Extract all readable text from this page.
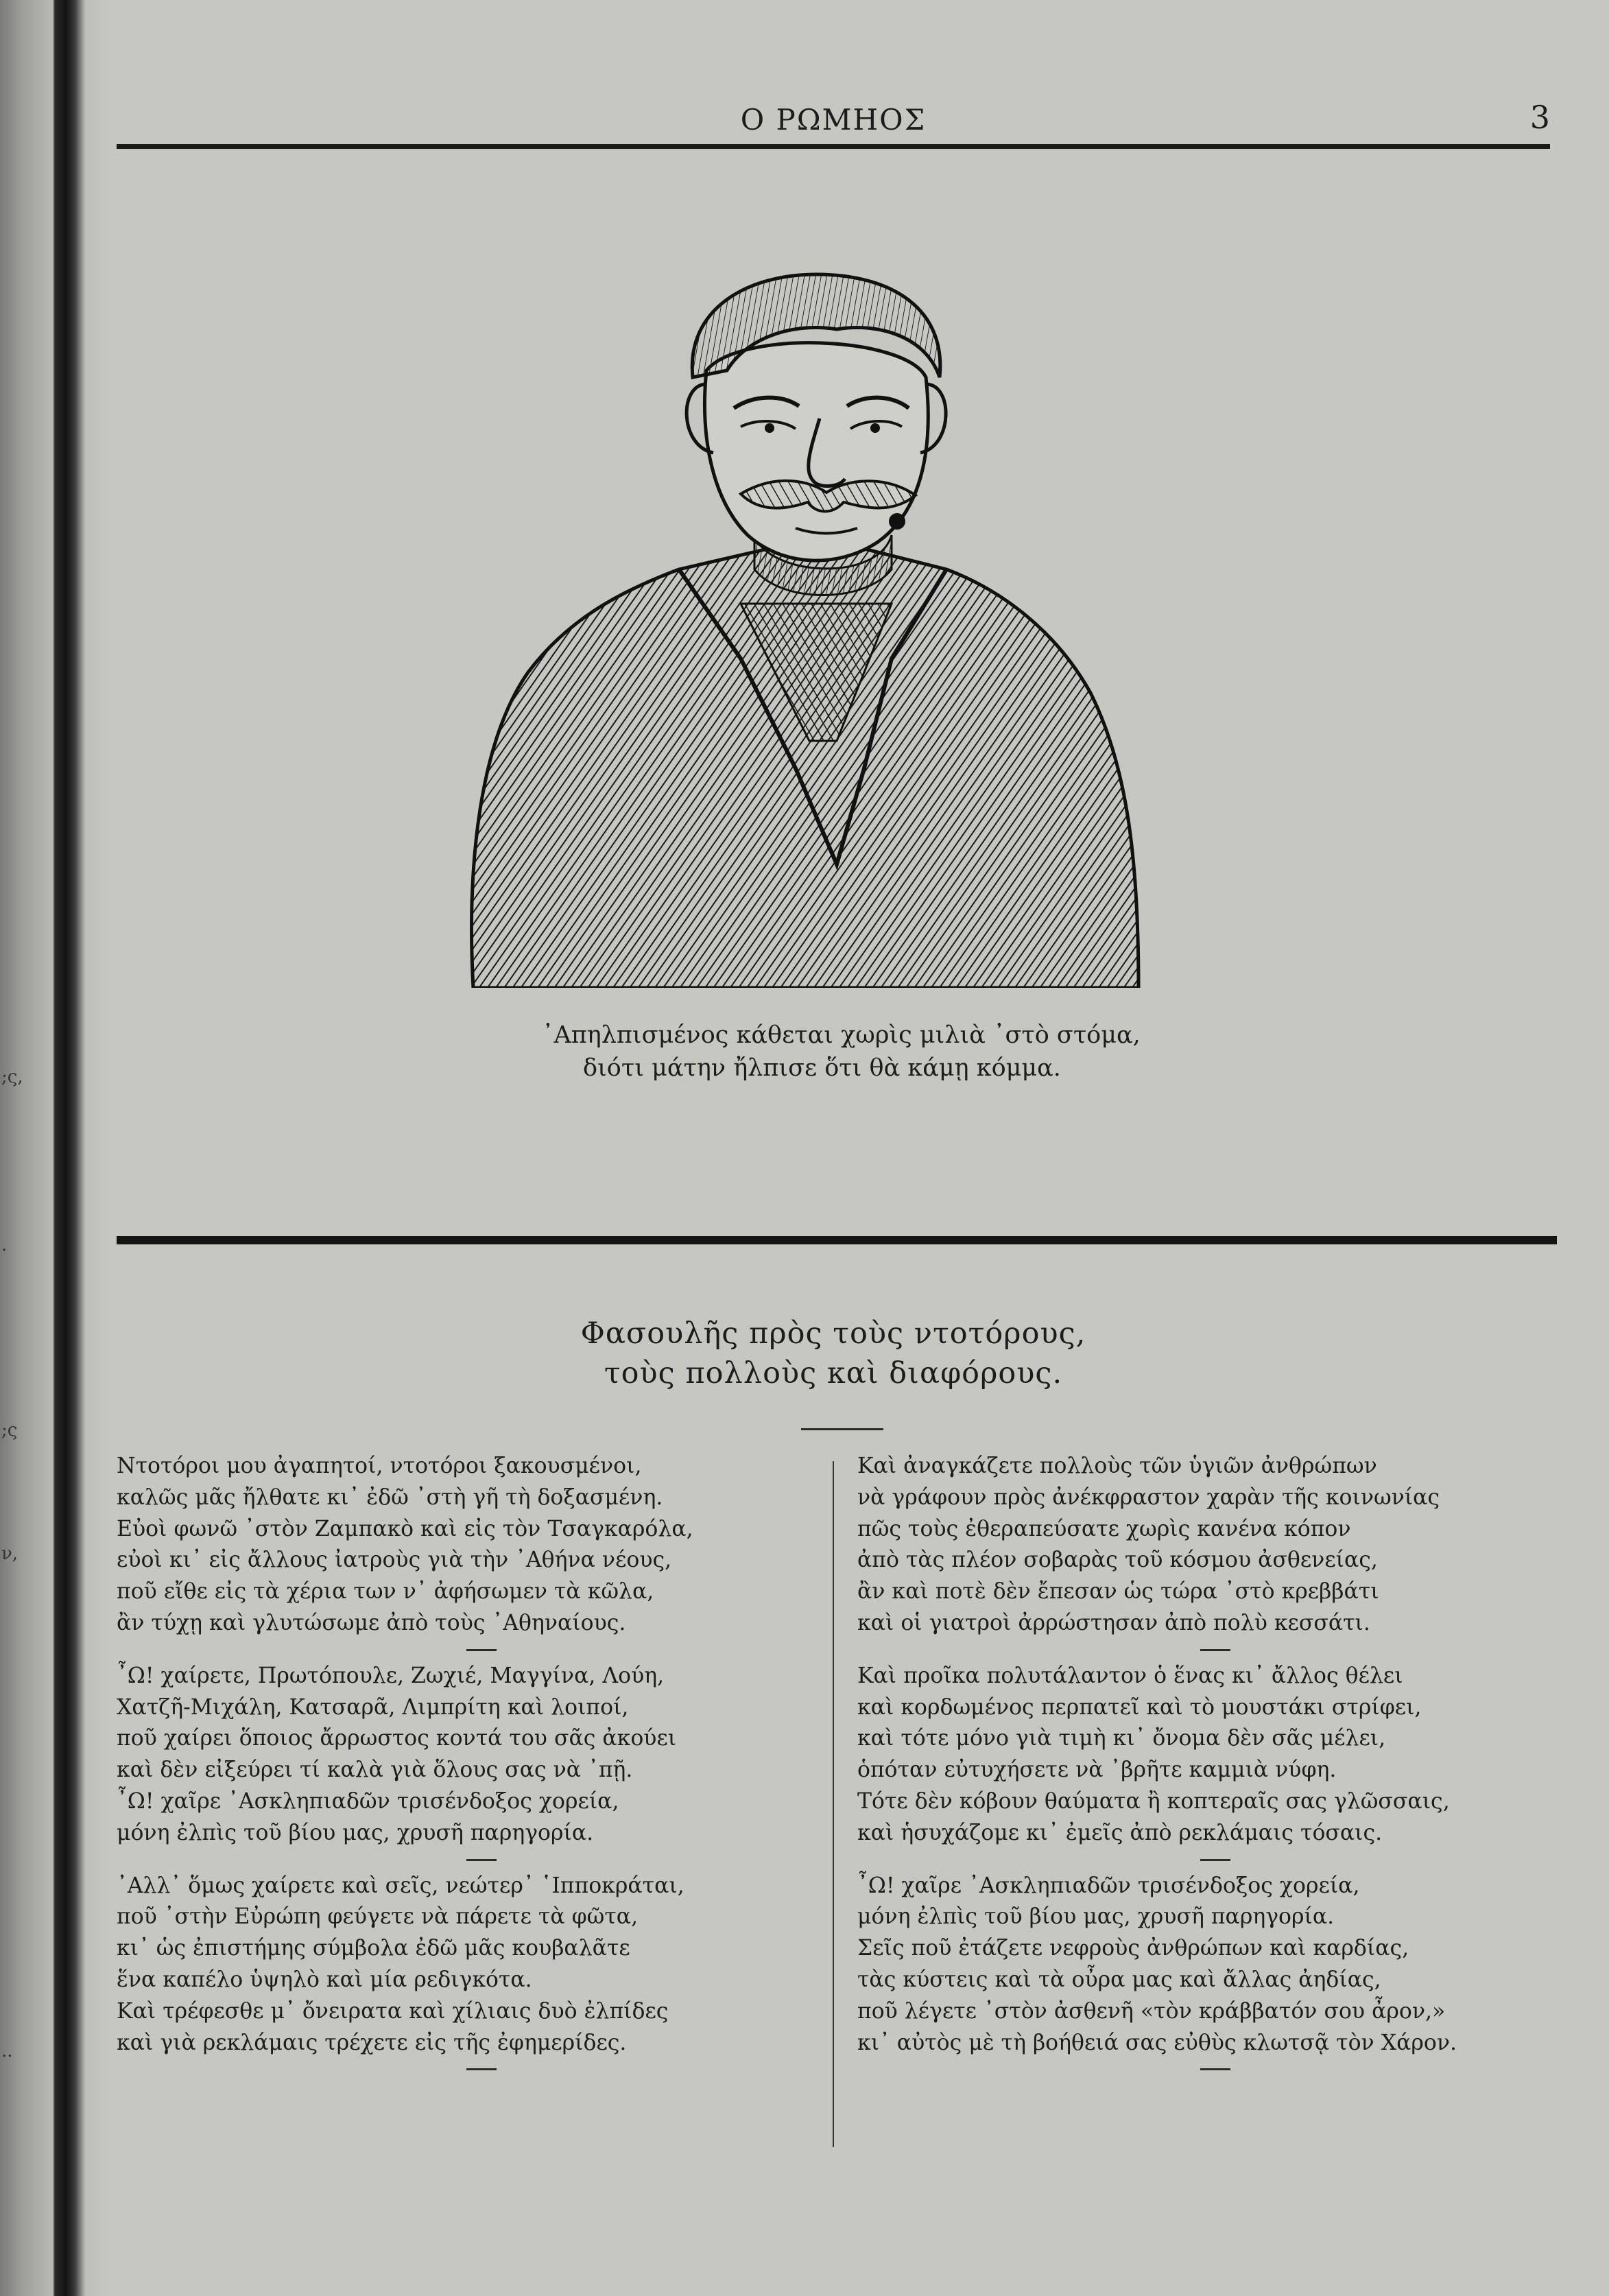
;ς,
.
;ς
ν,
..
Ο ΡΩΜΗΟΣ	3
᾿Απηλπισμένος κάθεται χωρὶς μιλιὰ ᾿στὸ στόμα,
διότι μάτην ἤλπισε ὅτι θὰ κάμῃ κόμμα.
Φασουλῆς πρὸς τοὺς ντοτόρους,
τοὺς πολλοὺς καὶ διαφόρους.
Ντοτόροι μου ἀγαπητοί, ντοτόροι ξακουσμένοι,
καλῶς μᾶς ἤλθατε κι᾿ ἐδῶ ᾿στὴ γῆ τὴ δοξασμένη.
Εὐοὶ φωνῶ ᾿στὸν Ζαμπακὸ καὶ εἰς τὸν Τσαγκαρόλα,
εὐοὶ κι᾿ εἰς ἄλλους ἰατροὺς γιὰ τὴν ᾿Αθήνα νέους,
ποῦ εἴθε εἰς τὰ χέρια των ν᾿ ἀφήσωμεν τὰ κῶλα,
ἂν τύχῃ καὶ γλυτώσωμε ἀπὸ τοὺς ᾿Αθηναίους.
῏Ω! χαίρετε, Πρωτόπουλε, Ζωχιέ, Μαγγίνα, Λούη,
Χατζῆ-Μιχάλη, Κατσαρᾶ, Λιμπρίτη καὶ λοιποί,
ποῦ χαίρει ὅποιος ἄρρωστος κοντά του σᾶς ἀκούει
καὶ δὲν εἰξεύρει τί καλὰ γιὰ ὅλους σας νὰ ᾿πῇ.
῏Ω! χαῖρε ᾿Ασκληπιαδῶν τρισένδοξος χορεία,
μόνη ἐλπὶς τοῦ βίου μας, χρυσῆ παρηγορία.
᾿Αλλ᾿ ὅμως χαίρετε καὶ σεῖς, νεώτερ᾿ ῾Ιπποκράται,
ποῦ ᾿στὴν Εὐρώπη φεύγετε νὰ πάρετε τὰ φῶτα,
κι᾿ ὡς ἐπιστήμης σύμβολα ἐδῶ μᾶς κουβαλᾶτε
ἕνα καπέλο ὑψηλὸ καὶ μία ρεδιγκότα.
Καὶ τρέφεσθε μ᾿ ὄνειρατα καὶ χίλιαις δυὸ ἐλπίδες
καὶ γιὰ ρεκλάμαις τρέχετε εἰς τῆς ἐφημερίδες.
Καὶ ἀναγκάζετε πολλοὺς τῶν ὑγιῶν ἀνθρώπων
νὰ γράφουν πρὸς ἀνέκφραστον χαρὰν τῆς κοινωνίας
πῶς τοὺς ἐθεραπεύσατε χωρὶς κανένα κόπον
ἀπὸ τὰς πλέον σοβαρὰς τοῦ κόσμου ἀσθενείας,
ἂν καὶ ποτὲ δὲν ἔπεσαν ὡς τώρα ᾿στὸ κρεββάτι
καὶ οἱ γιατροὶ ἀρρώστησαν ἀπὸ πολὺ κεσσάτι.
Καὶ προῖκα πολυτάλαντον ὁ ἕνας κι᾿ ἄλλος θέλει
καὶ κορδωμένος περπατεῖ καὶ τὸ μουστάκι στρίφει,
καὶ τότε μόνο γιὰ τιμὴ κι᾿ ὄνομα δὲν σᾶς μέλει,
ὁπόταν εὐτυχήσετε νὰ ᾿βρῆτε καμμιὰ νύφη.
Τότε δὲν κόβουν θαύματα ἢ κοπτεραῖς σας γλῶσσαις,
καὶ ἡσυχάζομε κι᾿ ἐμεῖς ἀπὸ ρεκλάμαις τόσαις.
῏Ω! χαῖρε ᾿Ασκληπιαδῶν τρισένδοξος χορεία,
μόνη ἐλπὶς τοῦ βίου μας, χρυσῆ παρηγορία.
Σεῖς ποῦ ἐτάζετε νεφροὺς ἀνθρώπων καὶ καρδίας,
τὰς κύστεις καὶ τὰ οὖρα μας καὶ ἄλλας ἀηδίας,
ποῦ λέγετε ᾿στὸν ἀσθενῆ «τὸν κράββατόν σου ἆρον,»
κι᾿ αὐτὸς μὲ τὴ βοήθειά σας εὐθὺς κλωτσᾷ τὸν Χάρον.
